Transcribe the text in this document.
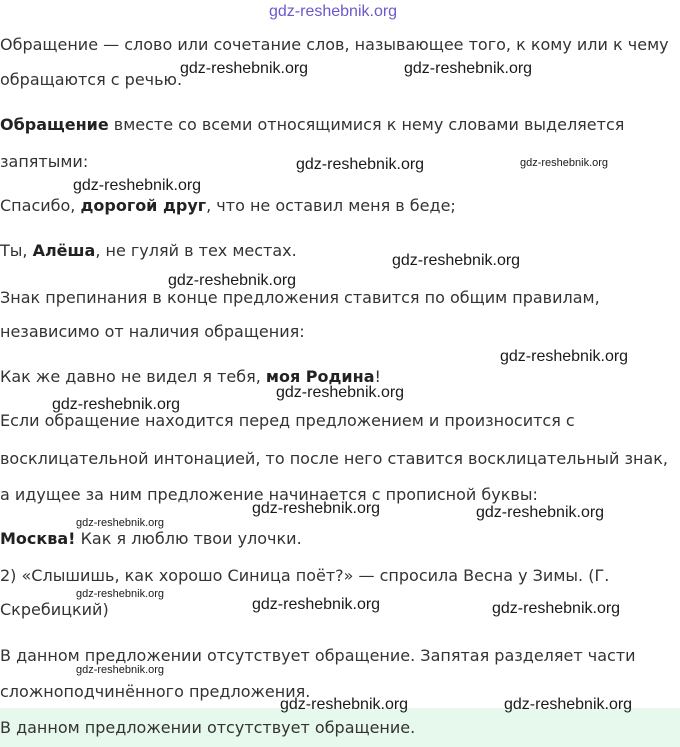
Обращение — слово или сочетание слов, называющее того, к кому или к чему

обращаются с речью.

Обращение вместе со всеми относящимися к нему словами выделяется

запятыми:

Спасибо, дорогой друг, что не оставил меня в беде;

Ты, Алёша, не гуляй в тех местах.

Знак препинания в конце предложения ставится по общим правилам,

независимо от наличия обращения:

Как же давно не видел я тебя, моя Родина!

Если обращение находится перед предложением и произносится с

восклицательной интонацией, то после него ставится восклицательный знак,

а идущее за ним предложение начинается с прописной буквы:

Москва! Как я люблю твои улочки.

2) «Слышишь, как хорошо Синица поёт?» — спросила Весна у Зимы. (Г.

Скребицкий)

В данном предложении отсутствует обращение. Запятая разделяет части

сложноподчинённого предложения.

В данном предложении отсутствует обращение.

gdz-reshebnik.org
gdz-reshebnik.org	gdz-reshebnik.org
gdz-reshebnik.org	gdz-reshebnik.org
gdz-reshebnik.org
gdz-reshebnik.org
gdz-reshebnik.org
gdz-reshebnik.org
gdz-reshebnik.org
gdz-reshebnik.org
gdz-reshebnik.org	gdz-reshebnik.org
gdz-reshebnik.org
gdz-reshebnik.org
gdz-reshebnik.org	gdz-reshebnik.org
gdz-reshebnik.org
gdz-reshebnik.org	gdz-reshebnik.org
